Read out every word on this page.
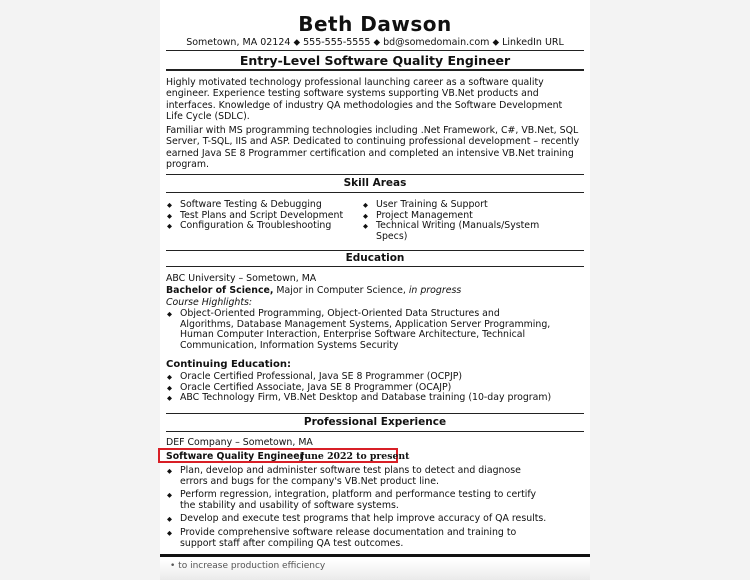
Beth Dawson
Sometown, MA 02124 ⬥ 555-555-5555 ⬥ bd@somedomain.com ⬥ LinkedIn URL
Entry-Level Software Quality Engineer
Highly motivated technology professional launching career as a software quality engineer. Experience testing software systems supporting VB.Net products and interfaces. Knowledge of industry QA methodologies and the Software Development Life Cycle (SDLC).
Familiar with MS programming technologies including .Net Framework, C#, VB.Net, SQL Server, T-SQL, IIS and ASP. Dedicated to continuing professional development – recently earned Java SE 8 Programmer certification and completed an intensive VB.Net training program.
Skill Areas
◆ Software Testing & Debugging
◆ Test Plans and Script Development
◆ Configuration & Troubleshooting
◆ User Training & Support
◆ Project Management
◆ Technical Writing (Manuals/System Specs)
Education
ABC University – Sometown, MA
Bachelor of Science, Major in Computer Science, in progress
Course Highlights:
◆ Object-Oriented Programming, Object-Oriented Data Structures and Algorithms, Database Management Systems, Application Server Programming, Human Computer Interaction, Enterprise Software Architecture, Technical Communication, Information Systems Security
Continuing Education:
◆ Oracle Certified Professional, Java SE 8 Programmer (OCPJP)
◆ Oracle Certified Associate, Java SE 8 Programmer (OCAJP)
◆ ABC Technology Firm, VB.Net Desktop and Database training (10-day program)
Professional Experience
DEF Company – Sometown, MA
Software Quality Engineer
June 2022 to present
◆ Plan, develop and administer software test plans to detect and diagnose errors and bugs for the company's VB.Net product line.
◆ Perform regression, integration, platform and performance testing to certify the stability and usability of software systems.
◆ Develop and execute test programs that help improve accuracy of QA results.
◆ Provide comprehensive software release documentation and training to support staff after compiling QA test outcomes.
• to increase production efficiency
